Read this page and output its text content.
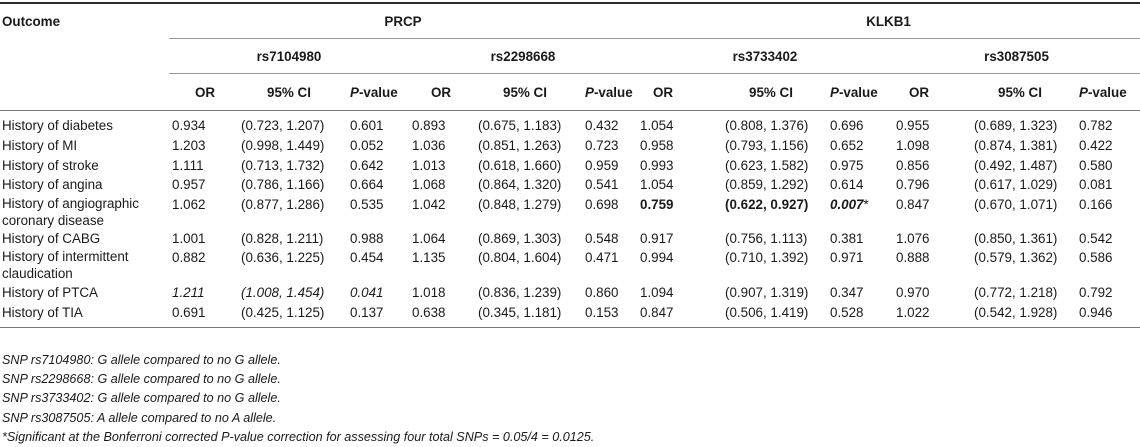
Outcome	PRCP						KLKB1					
	rs7104980			rs2298668			rs3733402			rs3087505		
	OR	95% CI	P-value	OR	95% CI	P-value	OR	95% CI	P-value	OR	95% CI	P-value
History of diabetes	0.934	(0.723, 1.207)	0.601	0.893	(0.675, 1.183)	0.432	1.054	(0.808, 1.376)	0.696	0.955	(0.689, 1.323)	0.782
History of MI	1.203	(0.998, 1.449)	0.052	1.036	(0.851, 1.263)	0.723	0.958	(0.793, 1.156)	0.652	1.098	(0.874, 1.381)	0.422
History of stroke	1.111	(0.713, 1.732)	0.642	1.013	(0.618, 1.660)	0.959	0.993	(0.623, 1.582)	0.975	0.856	(0.492, 1.487)	0.580
History of angina	0.957	(0.786, 1.166)	0.664	1.068	(0.864, 1.320)	0.541	1.054	(0.859, 1.292)	0.614	0.796	(0.617, 1.029)	0.081

History of angiographic
coronary disease	1.062	(0.877, 1.286)	0.535	1.042	(0.848, 1.279)	0.698	0.759	(0.622, 0.927)	0.007*	0.847	(0.670, 1.071)	0.166
History of CABG	1.001	(0.828, 1.211)	0.988	1.064	(0.869, 1.303)	0.548	0.917	(0.756, 1.113)	0.381	1.076	(0.850, 1.361)	0.542

History of intermittent
claudication	0.882	(0.636, 1.225)	0.454	1.135	(0.804, 1.604)	0.471	0.994	(0.710, 1.392)	0.971	0.888	(0.579, 1.362)	0.586
History of PTCA	1.211	(1.008, 1.454)	0.041	1.018	(0.836, 1.239)	0.860	1.094	(0.907, 1.319)	0.347	0.970	(0.772, 1.218)	0.792
History of TIA	0.691	(0.425, 1.125)	0.137	0.638	(0.345, 1.181)	0.153	0.847	(0.506, 1.419)	0.528	1.022	(0.542, 1.928)	0.946
SNP rs7104980: G allele compared to no G allele.
SNP rs2298668: G allele compared to no G allele.
SNP rs3733402: G allele compared to no G allele.
SNP rs3087505: A allele compared to no A allele.
*Significant at the Bonferroni corrected P-value correction for assessing four total SNPs = 0.05/4 = 0.0125.
